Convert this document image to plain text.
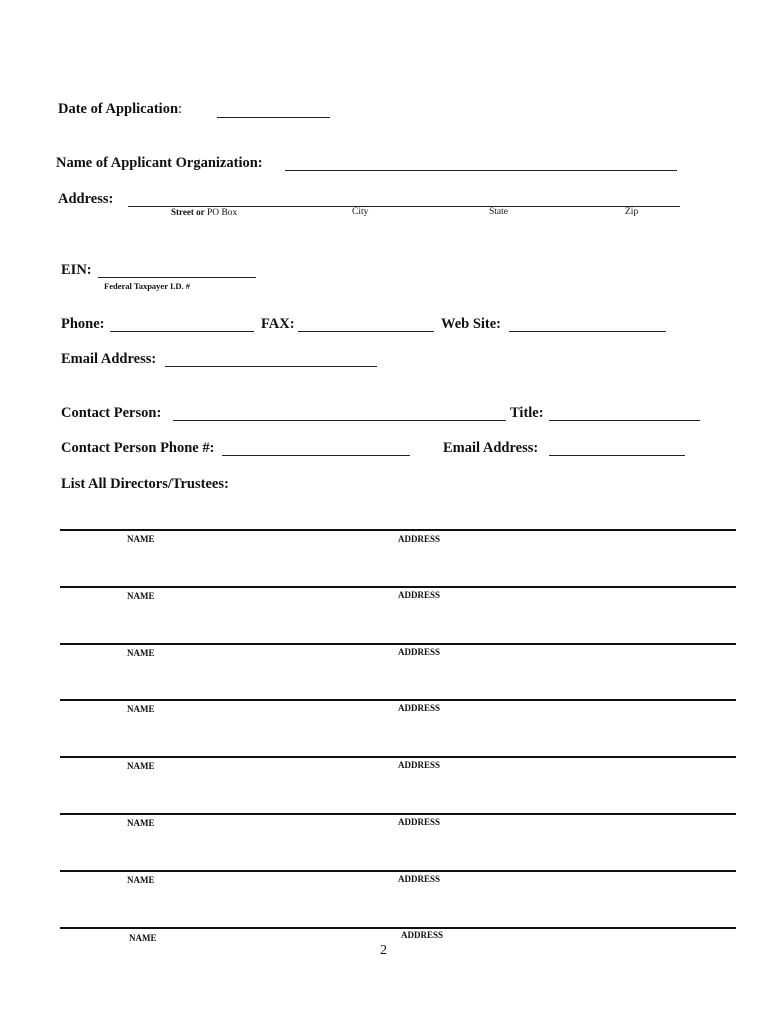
Date of Application:
Name of Applicant Organization:
Address:
Street or PO Box	City	State	Zip
EIN:
Federal Taxpayer I.D. #
Phone:	FAX:	Web Site:
Email Address:
Contact Person:	Title:
Contact Person Phone #:	Email Address:
List All Directors/Trustees:
NAME	ADDRESS
NAME	ADDRESS
NAME	ADDRESS
NAME	ADDRESS
NAME	ADDRESS
NAME	ADDRESS
NAME	ADDRESS
NAME	ADDRESS
2
